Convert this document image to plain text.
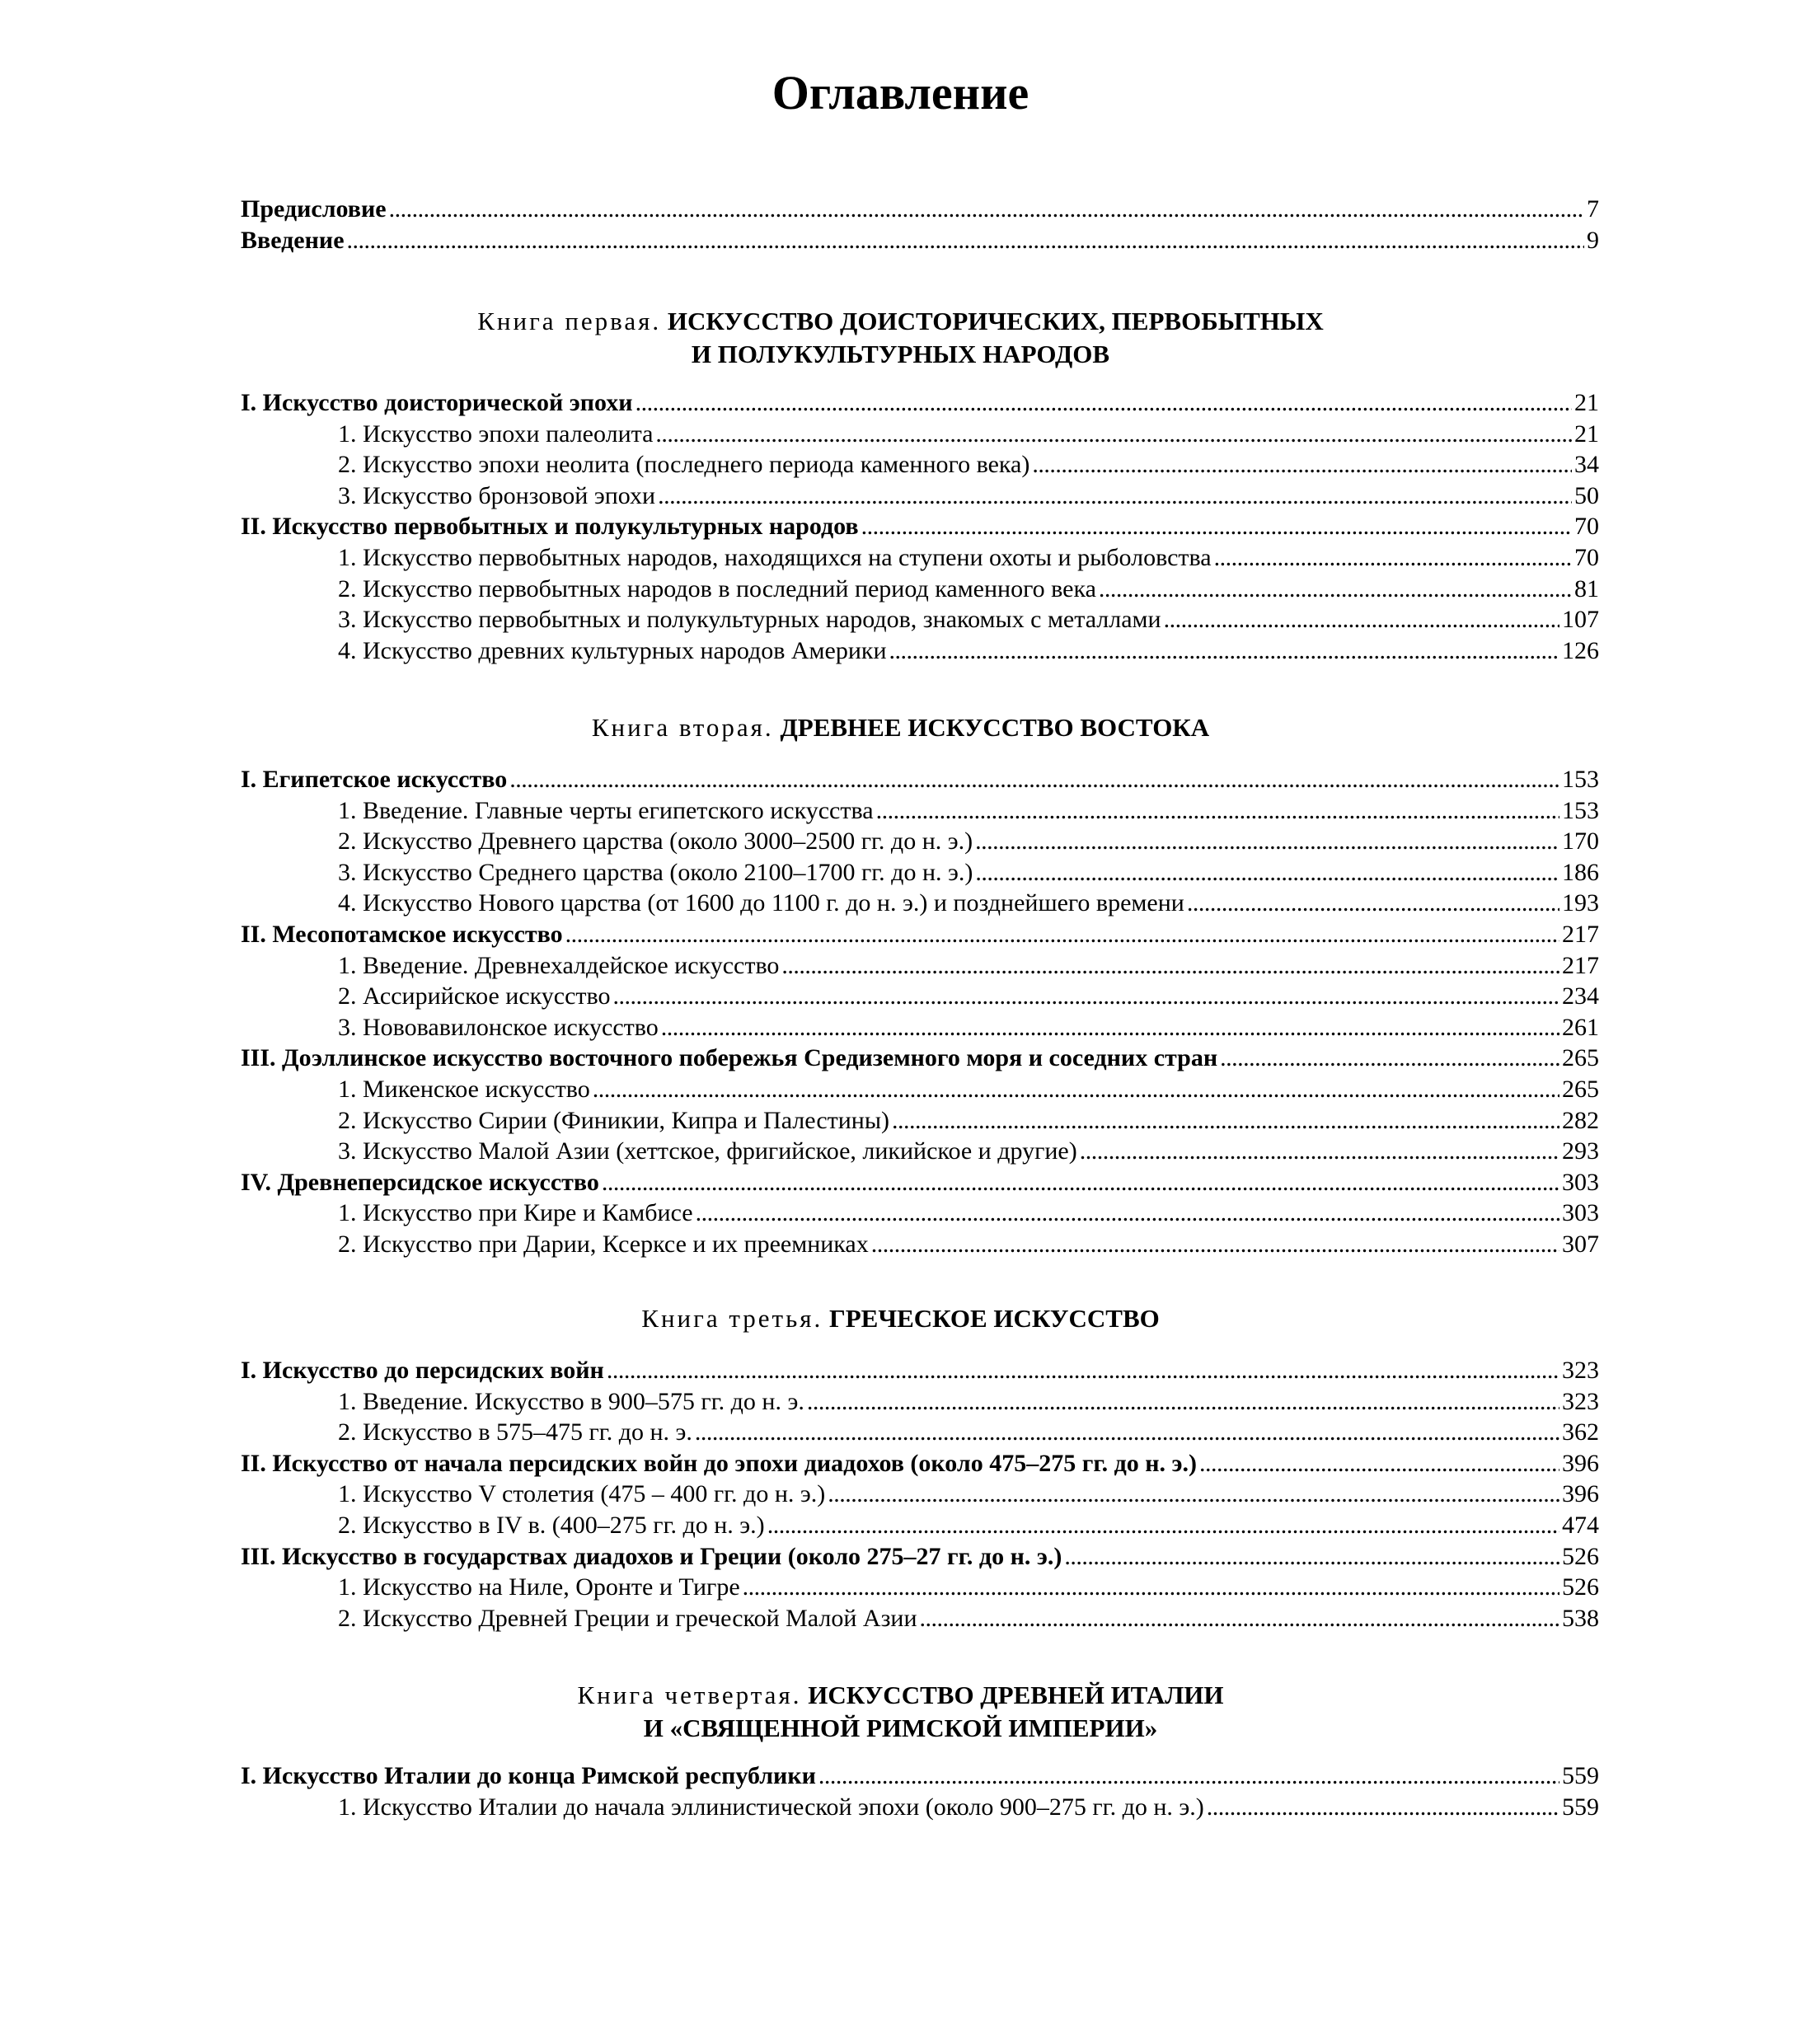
Оглавление
Предисловие . . .	7
Введение . . .	9
Книга первая. ИСКУССТВО ДОИСТОРИЧЕСКИХ, ПЕРВОБЫТНЫХ
И ПОЛУКУЛЬТУРНЫХ НАРОДОВ
I. Искусство доисторической эпохи . . .	21
1. Искусство эпохи палеолита . . .	21
2. Искусство эпохи неолита (последнего периода каменного века) . . .	34
3. Искусство бронзовой эпохи . . .	50
II. Искусство первобытных и полукультурных народов . . .	70
1. Искусство первобытных народов, находящихся на ступени охоты и рыболовства . . .	70
2. Искусство первобытных народов в последний период каменного века . . .	81
3. Искусство первобытных и полукультурных народов, знакомых с металлами . . .	107
4. Искусство древних культурных народов Америки . . .	126
Книга вторая. ДРЕВНЕЕ ИСКУССТВО ВОСТОКА
I. Египетское искусство . . .	153
1. Введение. Главные черты египетского искусства . . .	153
2. Искусство Древнего царства (около 3000–2500 гг. до н. э.) . . .	170
3. Искусство Среднего царства (около 2100–1700 гг. до н. э.) . . .	186
4. Искусство Нового царства (от 1600 до 1100 г. до н. э.) и позднейшего времени . . .	193
II. Месопотамское искусство . . .	217
1. Введение. Древнехалдейское искусство . . .	217
2. Ассирийское искусство . . .	234
3. Нововавилонское искусство . . .	261
III. Доэллинское искусство восточного побережья Средиземного моря и соседних стран . . .	265
1. Микенское искусство . . .	265
2. Искусство Сирии (Финикии, Кипра и Палестины) . . .	282
3. Искусство Малой Азии (хеттское, фригийское, ликийское и другие) . . .	293
IV. Древнеперсидское искусство . . .	303
1. Искусство при Кире и Камбисе . . .	303
2. Искусство при Дарии, Ксерксе и их преемниках . . .	307
Книга третья. ГРЕЧЕСКОЕ ИСКУССТВО
I. Искусство до персидских войн . . .	323
1. Введение. Искусство в 900–575 гг. до н. э. . . .	323
2. Искусство в 575–475 гг. до н. э. . . .	362
II. Искусство от начала персидских войн до эпохи диадохов (около 475–275 гг. до н. э.) . . .	396
1. Искусство V столетия (475 – 400 гг. до н. э.) . . .	396
2. Искусство в IV в. (400–275 гг. до н. э.) . . .	474
III. Искусство в государствах диадохов и Греции (около 275–27 гг. до н. э.) . . .	526
1. Искусство на Ниле, Оронте и Тигре . . .	526
2. Искусство Древней Греции и греческой Малой Азии . . .	538
Книга четвертая. ИСКУССТВО ДРЕВНЕЙ ИТАЛИИ
И «СВЯЩЕННОЙ РИМСКОЙ ИМПЕРИИ»
I. Искусство Италии до конца Римской республики . . .	559
1. Искусство Италии до начала эллинистической эпохи (около 900–275 гг. до н. э.) . . .	559
